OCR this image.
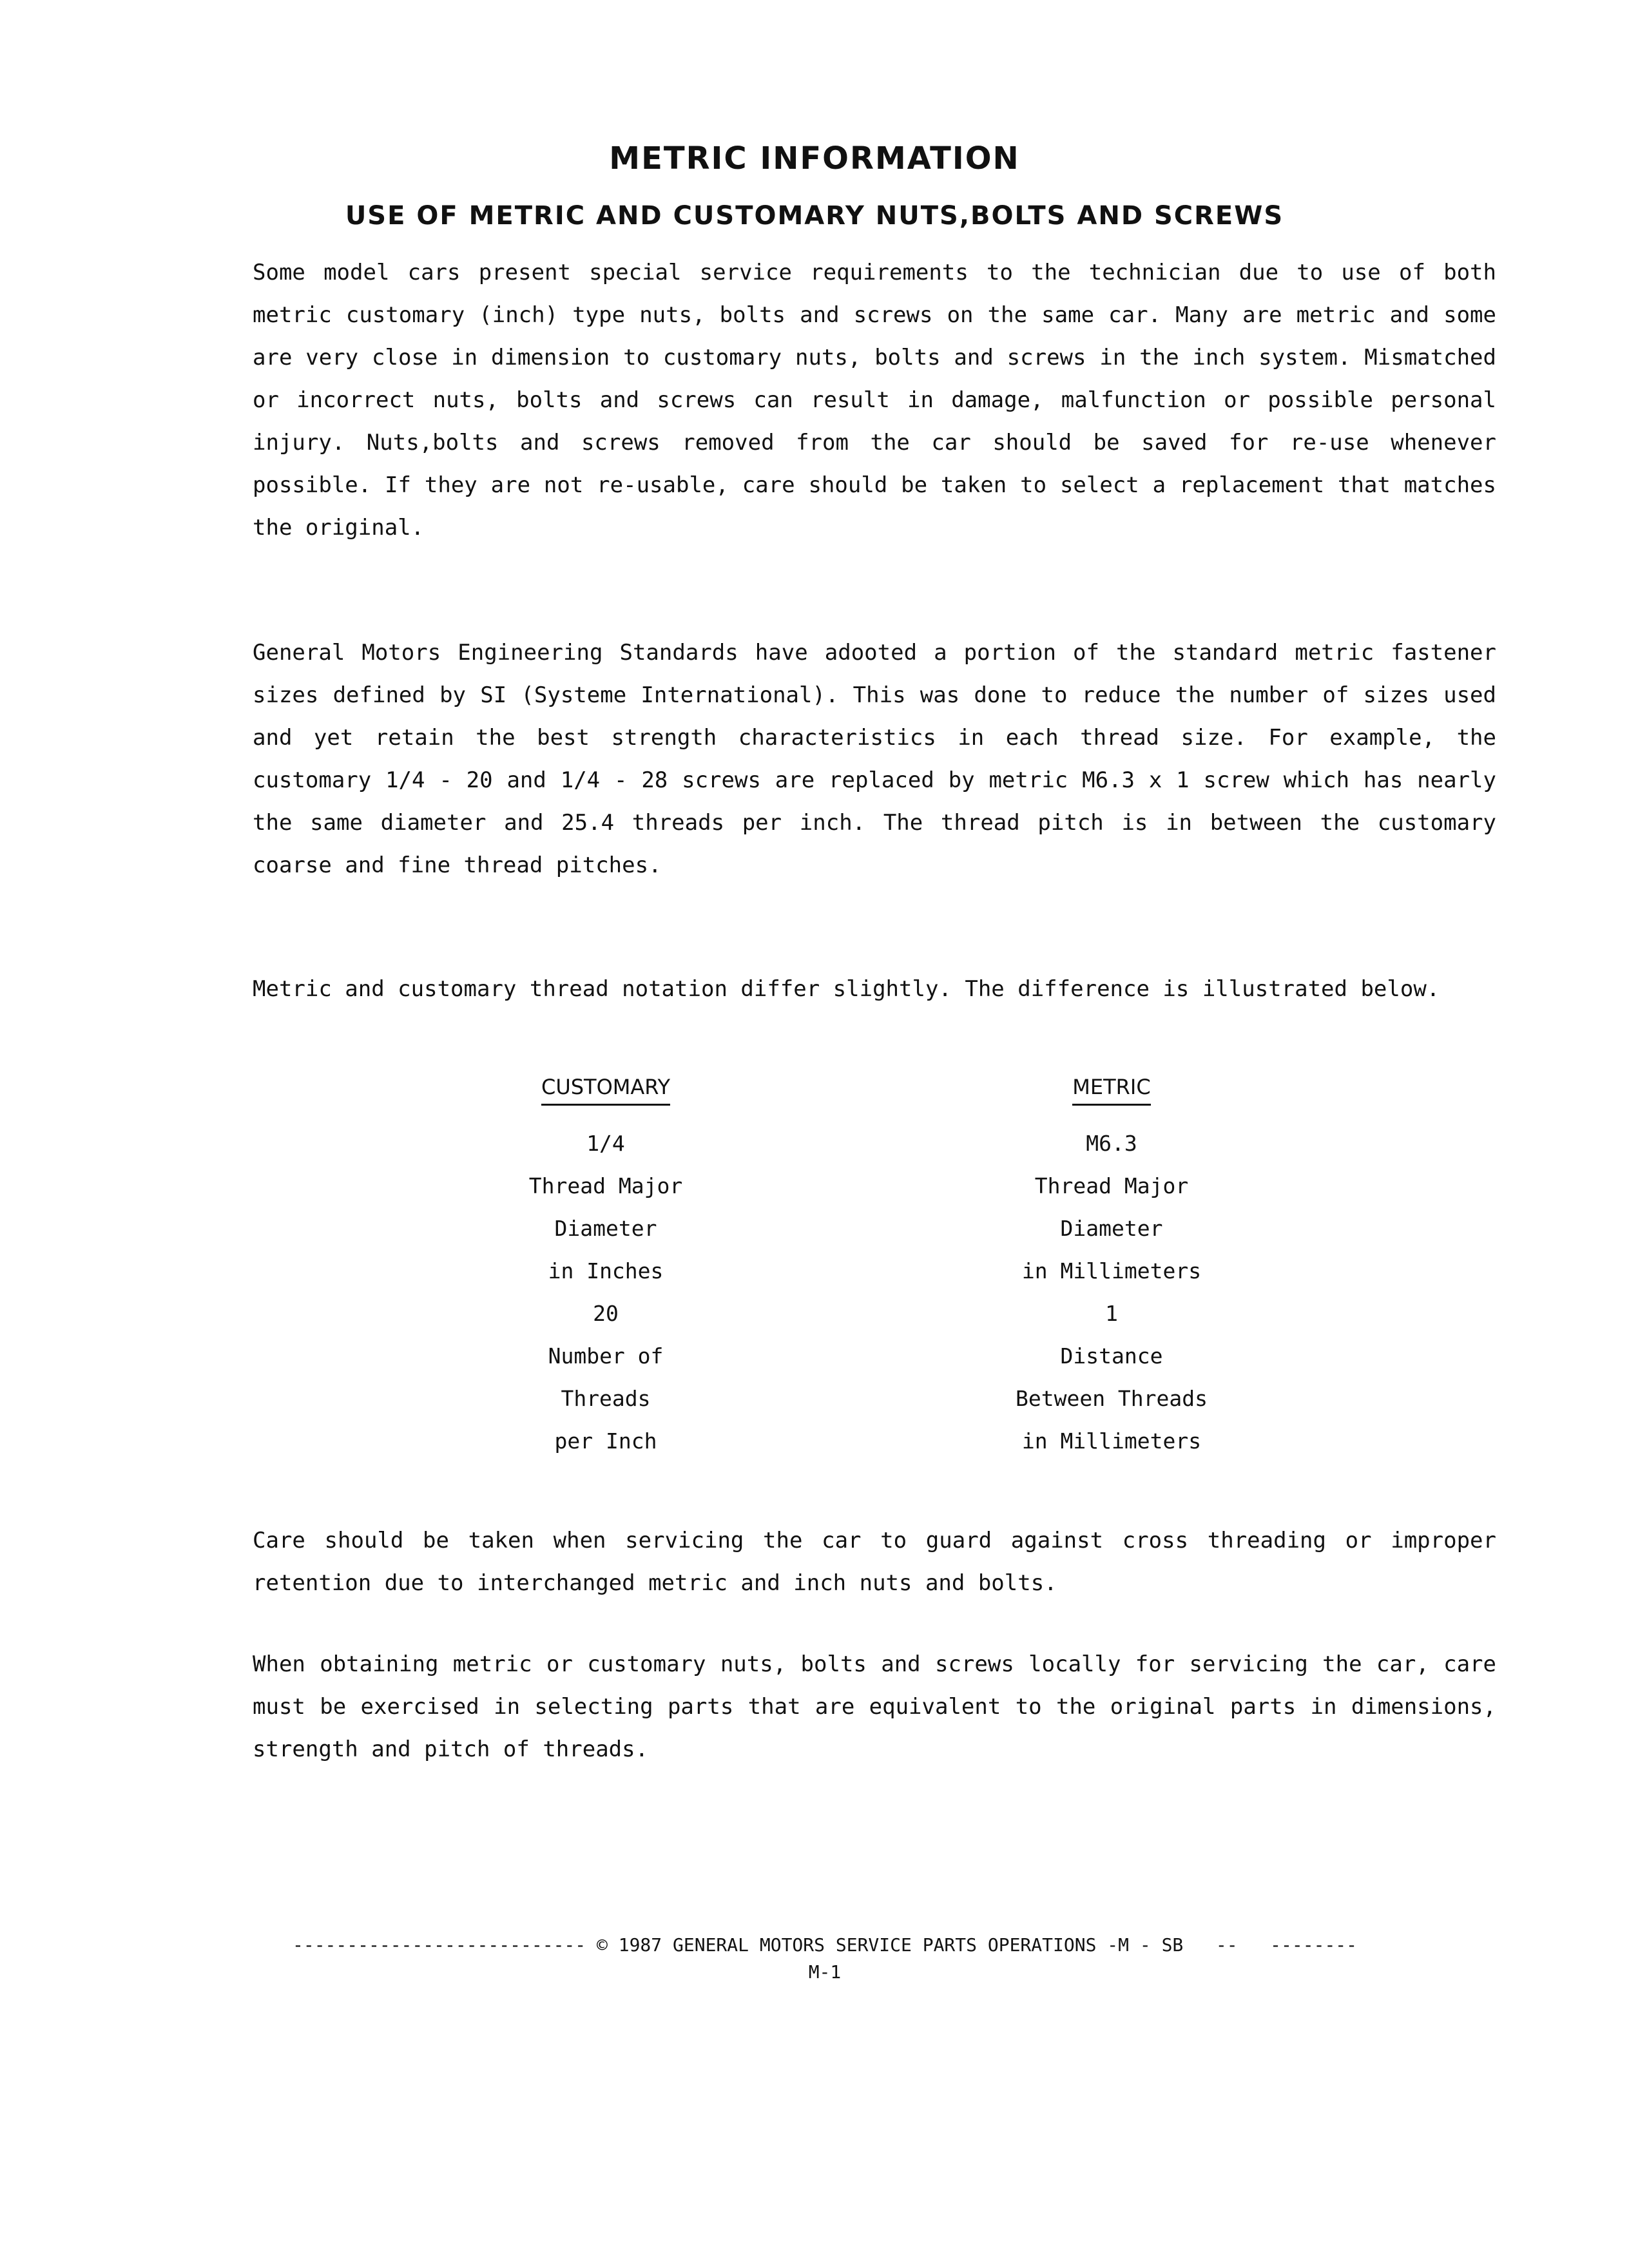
METRIC INFORMATION
USE OF METRIC AND CUSTOMARY NUTS,BOLTS AND SCREWS

Some model cars present special service requirements to the technician due to use of both metric customary (inch) type nuts, bolts and screws on the same car. Many are metric and some are very close in dimension to customary nuts, bolts and screws in the inch system. Mismatched or incorrect nuts, bolts and screws can result in damage, malfunction or possible personal injury. Nuts,bolts and screws removed from the car should be saved for re-use whenever possible. If they are not re-usable, care should be taken to select a replacement that matches the original.

General Motors Engineering Standards have adooted a portion of the standard metric fastener sizes defined by SI (Systeme International). This was done to reduce the number of sizes used and yet retain the best strength characteristics in each thread size. For example, the customary 1/4 - 20 and 1/4 - 28 screws are replaced by metric M6.3 x 1 screw which has nearly the same diameter and 25.4 threads per inch. The thread pitch is in between the customary coarse and fine thread pitches.

Metric and customary thread notation differ slightly. The difference is illustrated below.

CUSTOMARY
1/4
Thread Major
Diameter
in Inches
20
Number of
Threads
per Inch
METRIC
M6.3
Thread Major
Diameter
in Millimeters
1
Distance
Between Threads
in Millimeters

Care should be taken when servicing the car to guard against cross threading or improper retention due to interchanged metric and inch nuts and bolts.

When obtaining metric or customary nuts, bolts and screws locally for servicing the car, care must be exercised in selecting parts that are equivalent to the original parts in dimensions, strength and pitch of threads.

--------------------------- © 1987 GENERAL MOTORS SERVICE PARTS OPERATIONS -M - SB   --   --------
M-1
